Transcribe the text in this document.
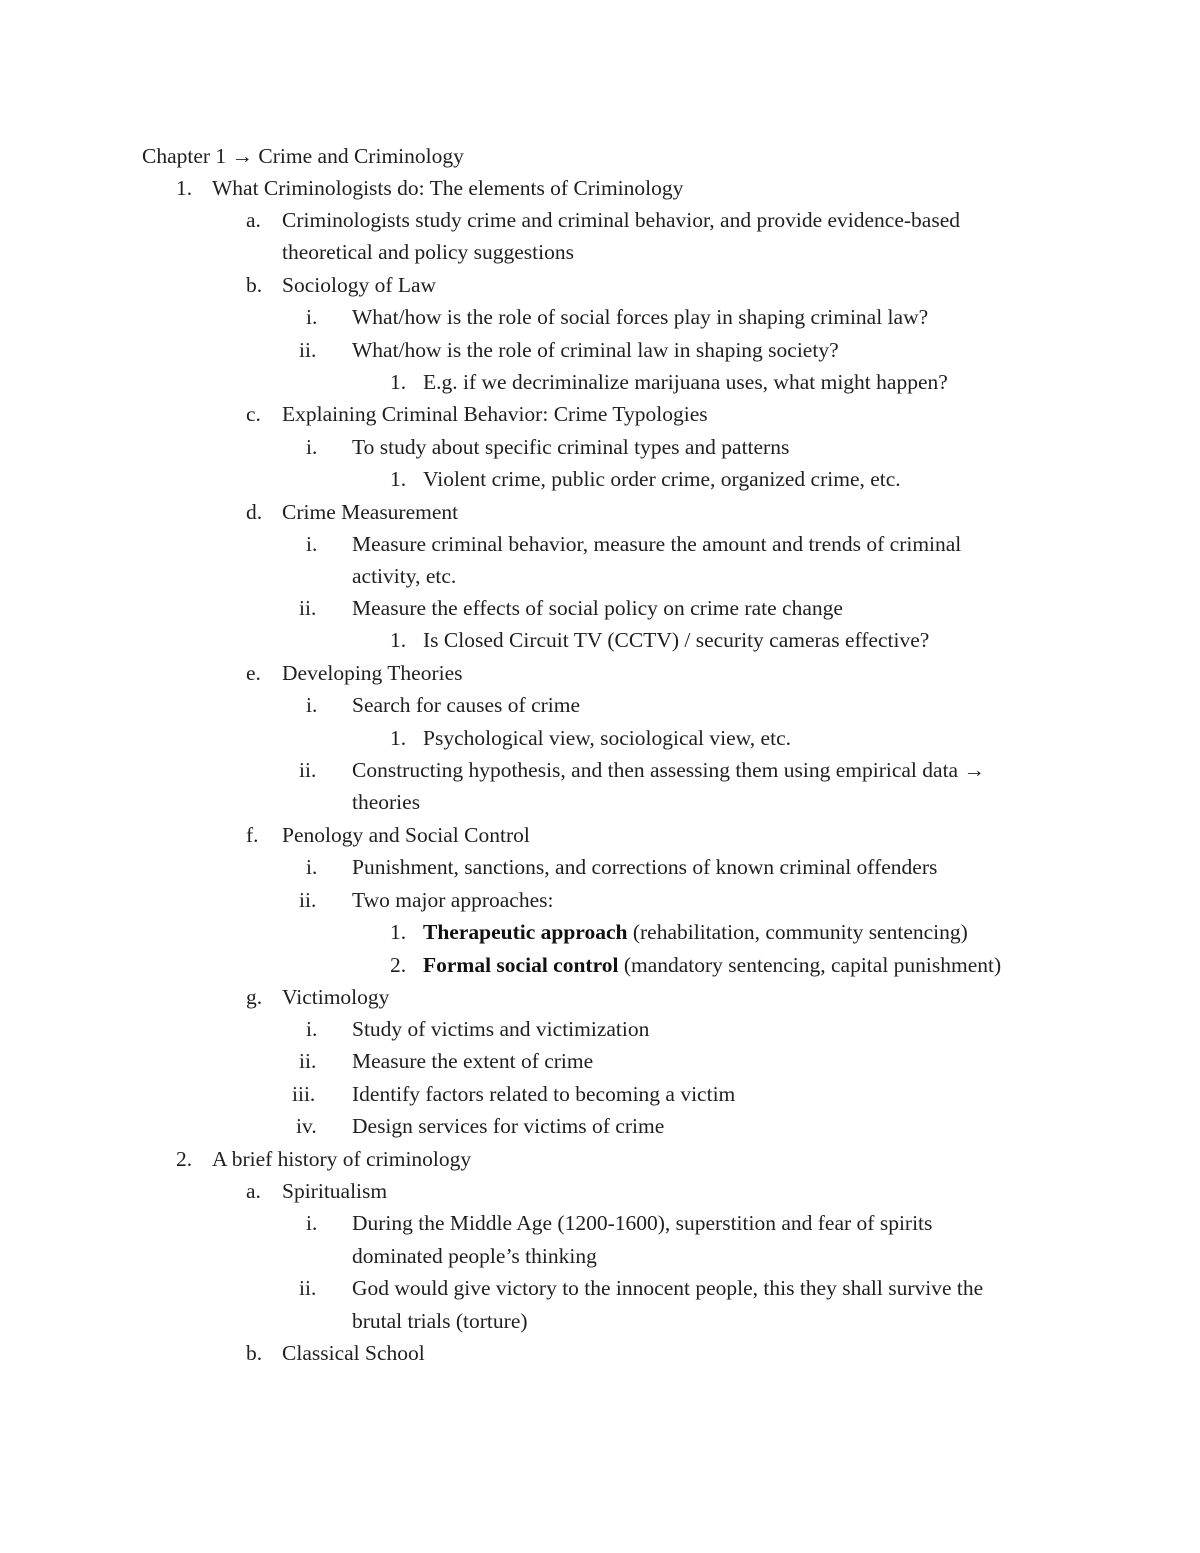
Chapter 1 → Crime and Criminology
1. What Criminologists do: The elements of Criminology
a. Criminologists study crime and criminal behavior, and provide evidence-based
theoretical and policy suggestions
b. Sociology of Law
i. What/how is the role of social forces play in shaping criminal law?
ii. What/how is the role of criminal law in shaping society?
1. E.g. if we decriminalize marijuana uses, what might happen?
c. Explaining Criminal Behavior: Crime Typologies
i. To study about specific criminal types and patterns
1. Violent crime, public order crime, organized crime, etc.
d. Crime Measurement
i. Measure criminal behavior, measure the amount and trends of criminal
activity, etc.
ii. Measure the effects of social policy on crime rate change
1. Is Closed Circuit TV (CCTV) / security cameras effective?
e. Developing Theories
i. Search for causes of crime
1. Psychological view, sociological view, etc.
ii. Constructing hypothesis, and then assessing them using empirical data →
theories
f. Penology and Social Control
i. Punishment, sanctions, and corrections of known criminal offenders
ii. Two major approaches:
1. Therapeutic approach (rehabilitation, community sentencing)
2. Formal social control (mandatory sentencing, capital punishment)
g. Victimology
i. Study of victims and victimization
ii. Measure the extent of crime
iii. Identify factors related to becoming a victim
iv. Design services for victims of crime
2. A brief history of criminology
a. Spiritualism
i. During the Middle Age (1200-1600), superstition and fear of spirits
dominated people’s thinking
ii. God would give victory to the innocent people, this they shall survive the
brutal trials (torture)
b. Classical School
